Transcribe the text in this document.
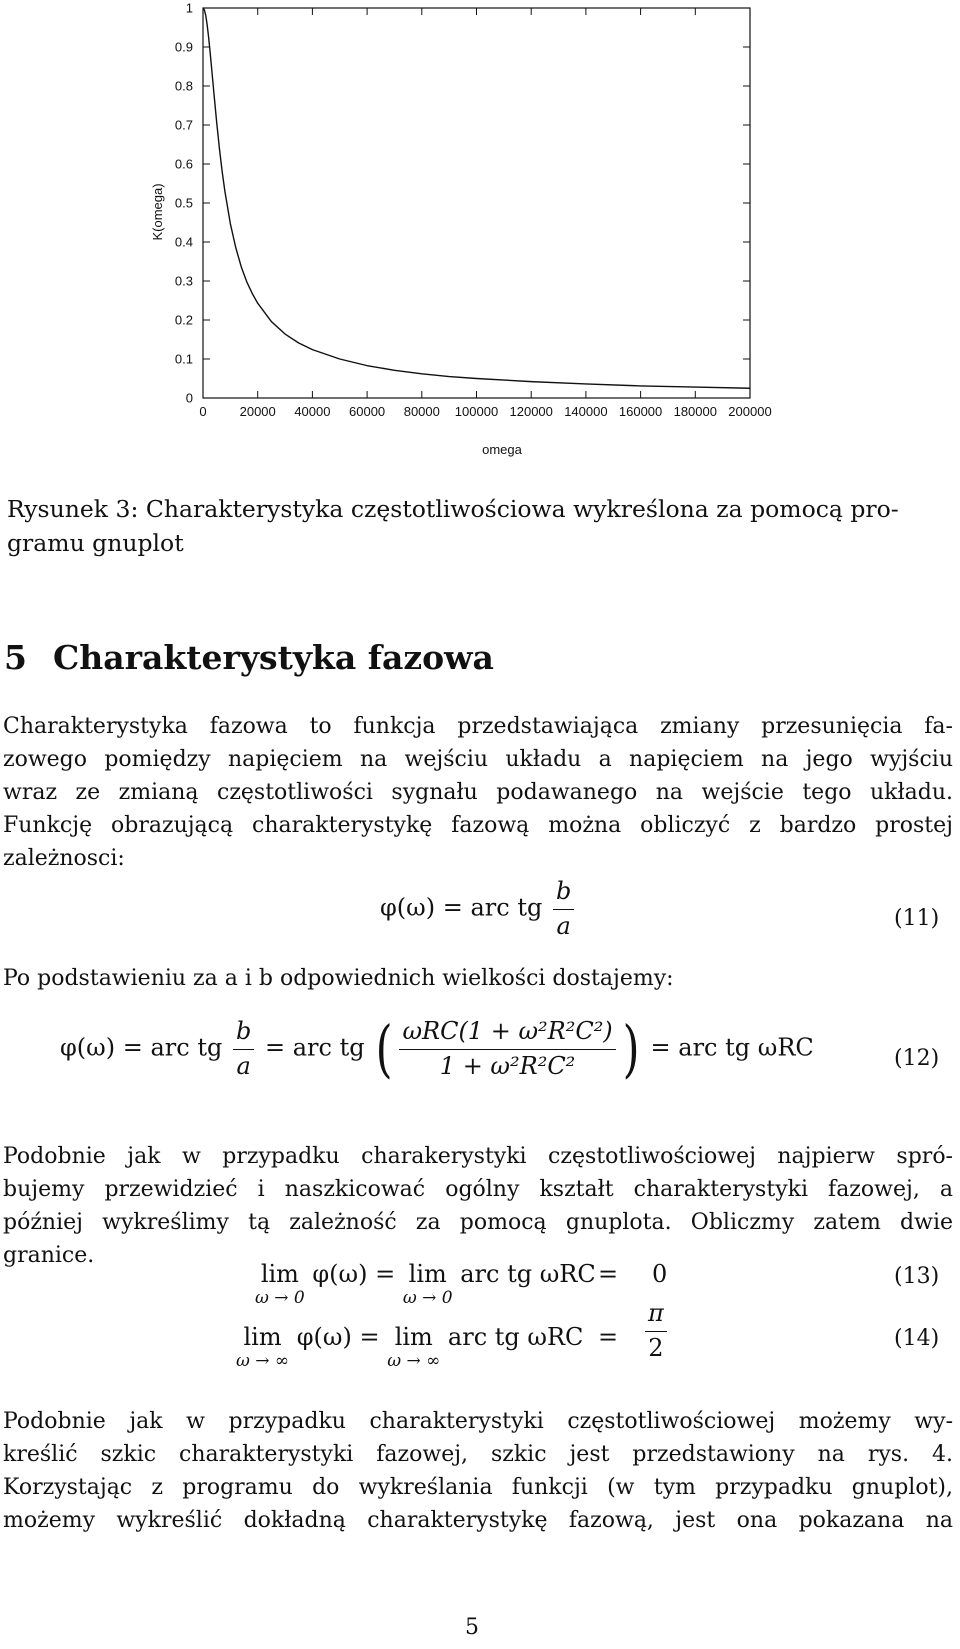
0
0.1
0.2
0.3
0.4
0.5
0.6
0.7
0.8
0.9
1
0	20000 40000 60000 80000 100000 120000 140000 160000 180000 200000
omega
K(omega)
Rysunek 3: Charakterystyka częstotliwościowa wykreślona za pomocą pro-
gramu gnuplot
5 Charakterystyka fazowa
Charakterystyka fazowa to funkcja przedstawiająca zmiany przesunięcia fa-
zowego pomiędzy napięciem na wejściu układu a napięciem na jego wyjściu
wraz ze zmianą częstotliwości sygnału podawanego na wejście tego układu.
Funkcję obrazującą charakterystykę fazową można obliczyć z bardzo prostej
zależnosci:
φ(ω) = arc tg $\frac{b}{a}$	(11)
Po podstawieniu za a i b odpowiednich wielkości dostajemy:
φ(ω) = arc tg $\frac{b}{a}$ = arc tg ( $\frac{\text{ωRC(1 + ω²R²C²)}}{\text{1 + ω²R²C²}}$ ) = arc tg ωRC	(12)
Podobnie jak w przypadku charakerystyki częstotliwościowej najpierw spró-
bujemy przewidzieć i naszkicować ogólny kształt charakterystyki fazowej, a
później wykreślimy tą zależność za pomocą gnuplota. Obliczmy zatem dwie
granice.
lim
ω → 0
φ(ω) = lim
ω → 0
arc tg ωRC = 0	(13)
lim
ω → ∞
φ(ω) = lim
ω → ∞
arc tg $\omega RC = \frac{\pi}{2}$	(14)
Podobnie jak w przypadku charakterystyki częstotliwościowej możemy wy-
kreślić szkic charakterystyki fazowej, szkic jest przedstawiony na rys. 4.
Korzystając z programu do wykreślania funkcji (w tym przypadku gnuplot),
możemy wykreślić dokładną charakterystykę fazową, jest ona pokazana na
5
